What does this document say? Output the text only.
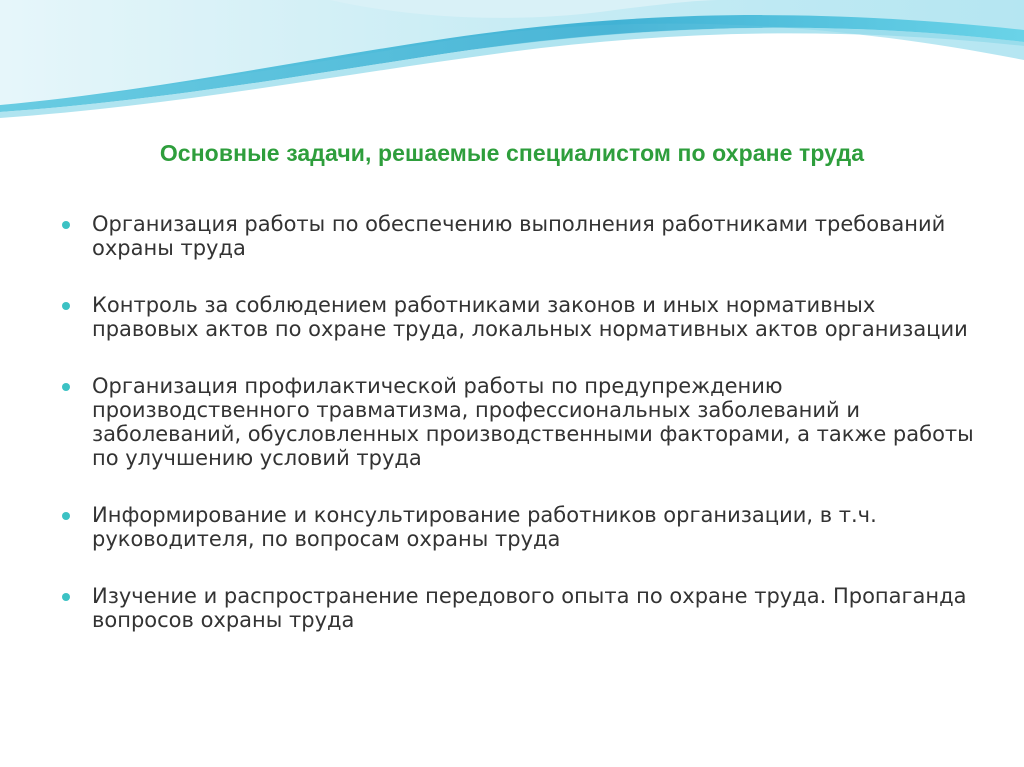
Основные задачи, решаемые специалистом по охране труда
Организация работы по обеспечению выполнения работниками требований охраны труда
Контроль за соблюдением работниками законов и иных нормативных правовых актов по охране труда, локальных нормативных актов организации
Организация профилактической работы по предупреждению производственного травматизма, профессиональных заболеваний и заболеваний, обусловленных производственными факторами, а также работы по улучшению условий труда
Информирование и консультирование работников организации, в т.ч. руководителя, по вопросам охраны труда
Изучение и распространение передового опыта по охране труда. Пропаганда вопросов охраны труда
